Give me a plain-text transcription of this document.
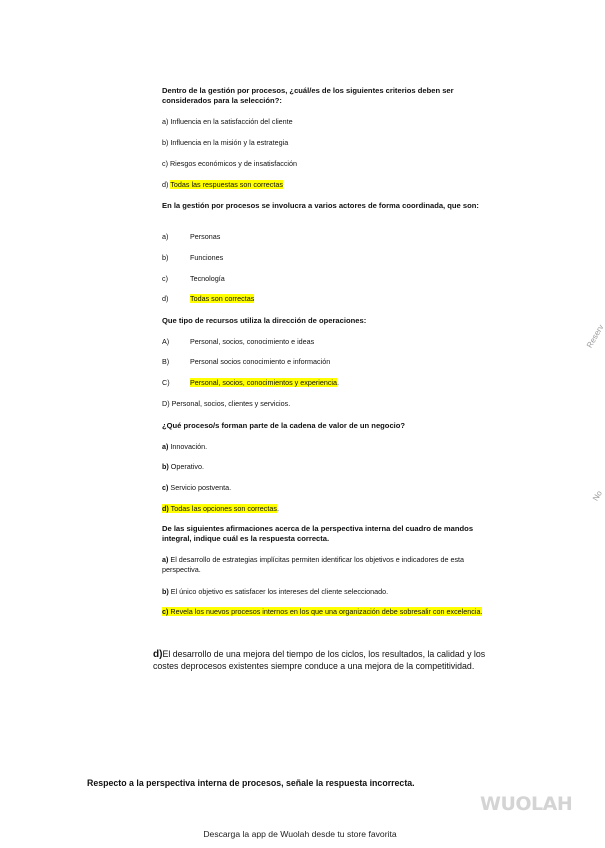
Dentro de la gestión por procesos, ¿cuál/es de los siguientes criterios deben ser considerados para la selección?:
a) Influencia en la satisfacción del cliente
b) Influencia en la misión y la estrategia
c) Riesgos económicos y de insatisfacción
d) Todas las respuestas son correctas
En la gestión por procesos se involucra a varios actores de forma coordinada, que son:
a)	Personas
b)	Funciones
c)	Tecnología
d)	Todas son correctas
Que tipo de recursos utiliza la dirección de operaciones:
A)	Personal, socios, conocimiento e ideas
B)	Personal socios conocimiento e información
C)	Personal, socios, conocimientos y experiencia.
D) Personal, socios, clientes y servicios.
¿Qué proceso/s forman parte de la cadena de valor de un negocio?
a) Innovación.
b) Operativo.
c) Servicio postventa.
d) Todas las opciones son correctas.
De las siguientes afirmaciones acerca de la perspectiva interna del cuadro de mandos integral, indique cuál es la respuesta correcta.
a) El desarrollo de estrategias implícitas permiten identificar los objetivos e indicadores de esta perspectiva.
b) El único objetivo es satisfacer los intereses del cliente seleccionado.
c) Revela los nuevos procesos internos en los que una organización debe sobresalir con excelencia.
d)El desarrollo de una mejora del tiempo de los ciclos, los resultados, la calidad y los costes deprocesos existentes siempre conduce a una mejora de la competitividad.
Reserv
No
Respecto a la perspectiva interna de procesos, señale la respuesta incorrecta.
WUOLAH
Descarga la app de Wuolah desde tu store favorita
